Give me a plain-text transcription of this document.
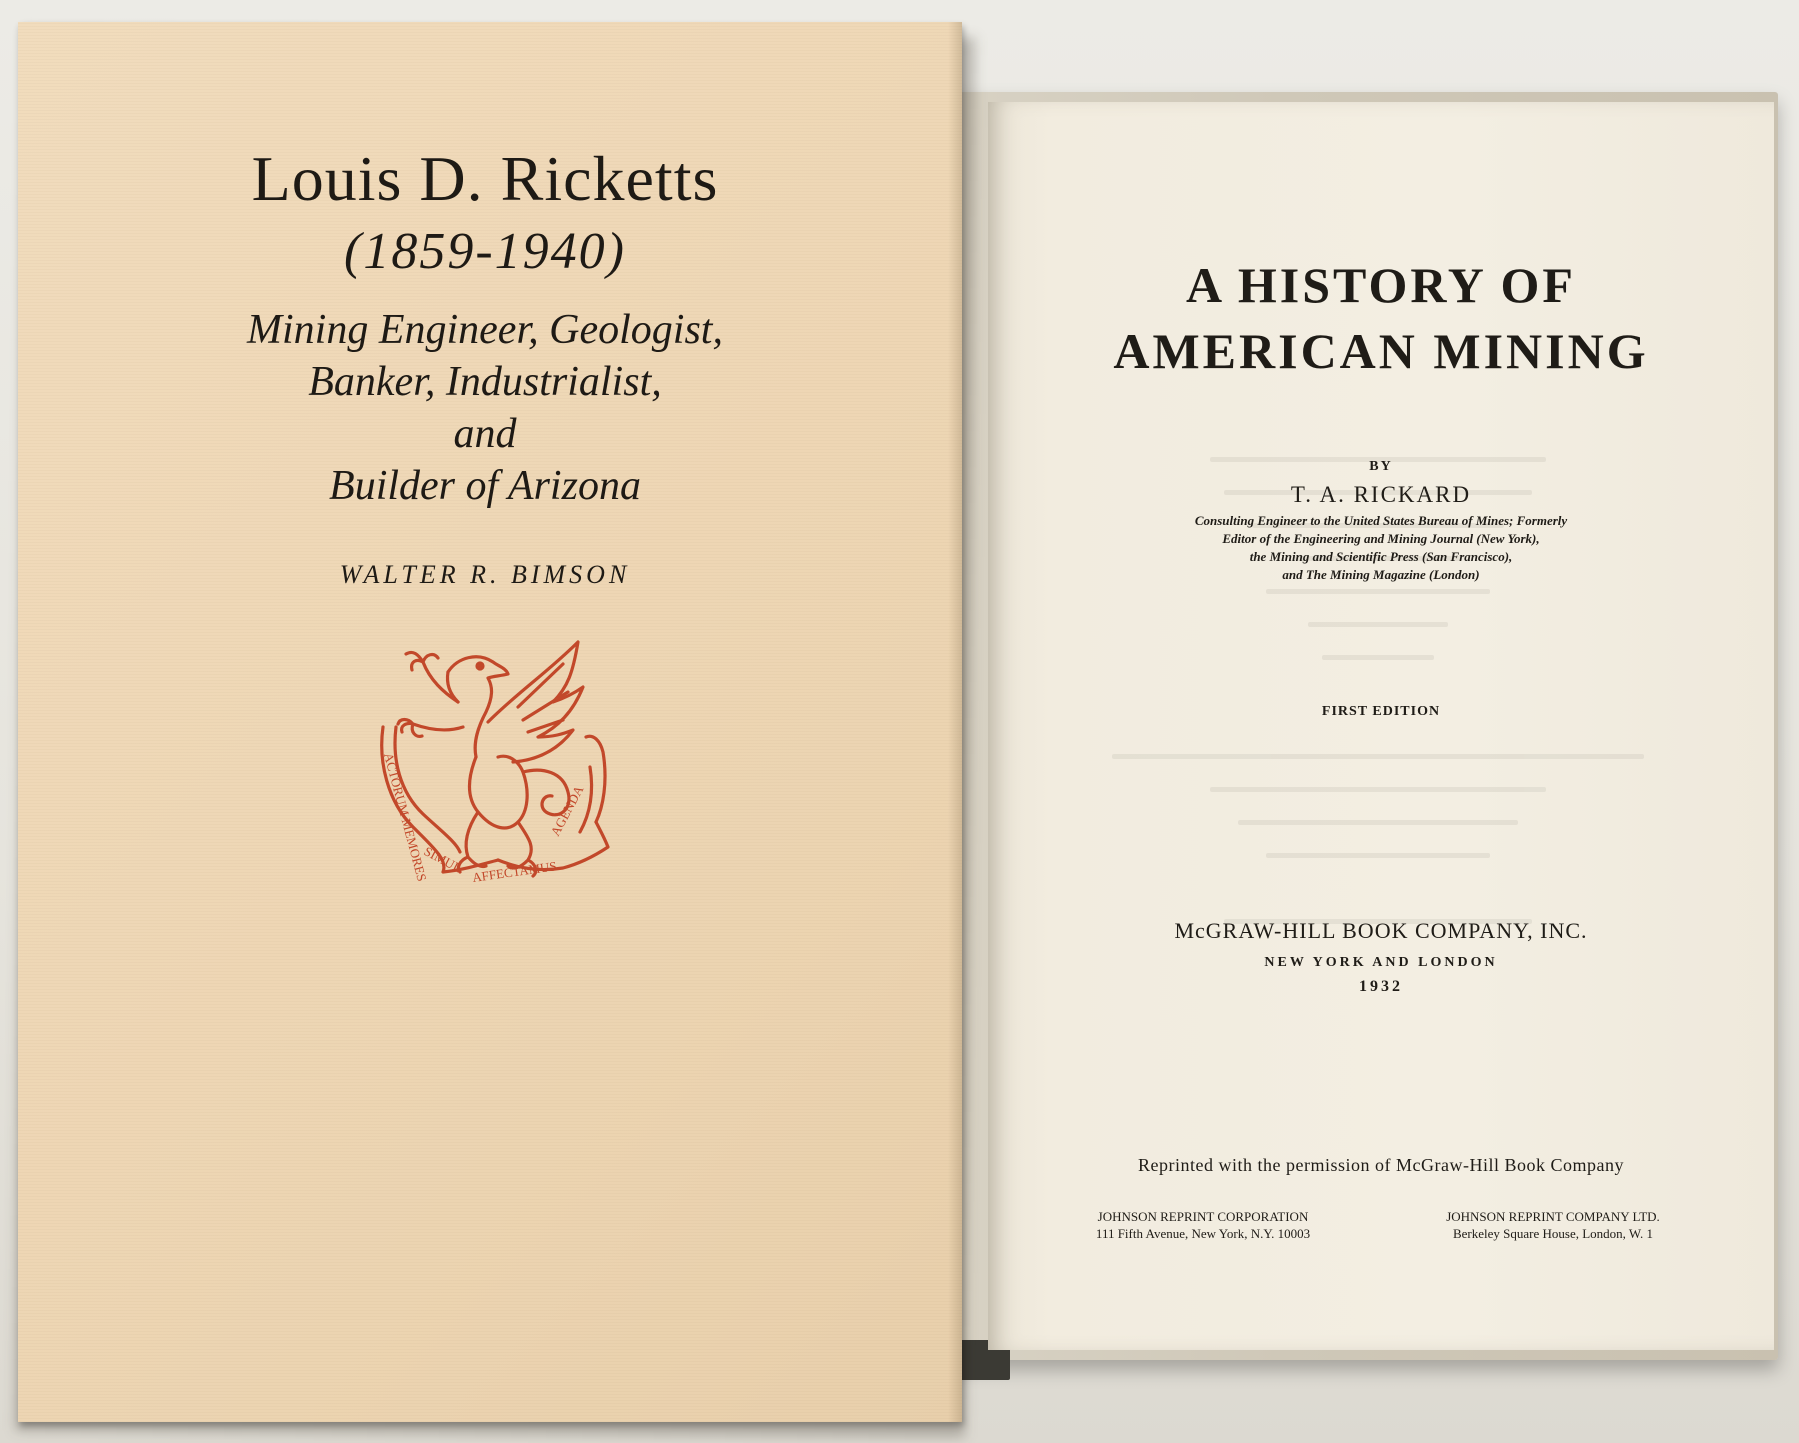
A HISTORY OF
AMERICAN MINING
BY
T. A. RICKARD
Consulting Engineer to the United States Bureau of Mines; Formerly
Editor of the Engineering and Mining Journal (New York),
the Mining and Scientific Press (San Francisco),
and The Mining Magazine (London)
FIRST EDITION
McGRAW-HILL BOOK COMPANY, INC.
NEW YORK AND LONDON
1932
Reprinted with the permission of McGraw-Hill Book Company
JOHNSON REPRINT CORPORATION
111 Fifth Avenue, New York, N.Y. 10003
JOHNSON REPRINT COMPANY LTD.
Berkeley Square House, London, W. 1
Louis D. Ricketts
(1859-1940)
Mining Engineer, Geologist,
Banker, Industrialist,
and
Builder of Arizona
WALTER R. BIMSON
ACTORUM MEMORES
SIMUL AFFECTAMUS
AGENDA
